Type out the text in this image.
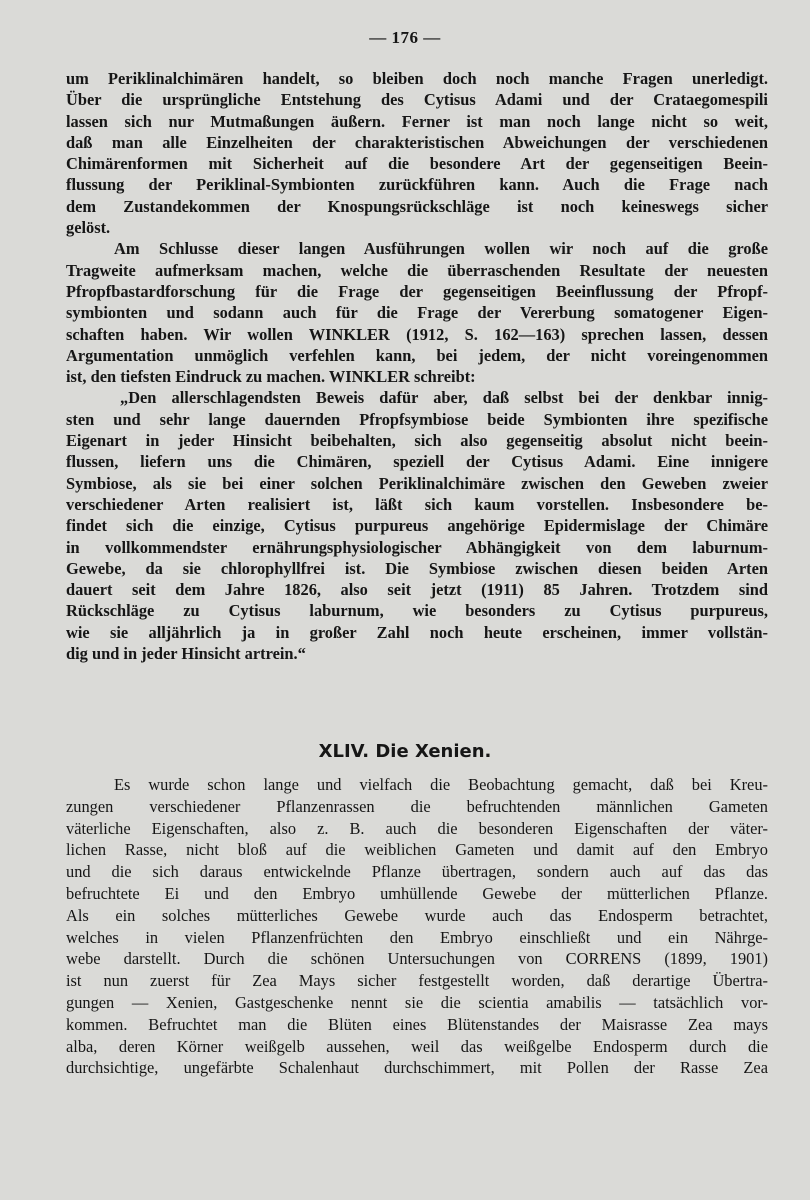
— 176 —
um Periklinalchimären handelt, so bleiben doch noch manche Fragen unerledigt.
Über die ursprüngliche Entstehung des Cytisus Adami und der Crataegomespili
lassen sich nur Mutmaßungen äußern. Ferner ist man noch lange nicht so weit,
daß man alle Einzelheiten der charakteristischen Abweichungen der verschiedenen
Chimärenformen mit Sicherheit auf die besondere Art der gegenseitigen Beein-
flussung der Periklinal-Symbionten zurückführen kann. Auch die Frage nach
dem Zustandekommen der Knospungsrückschläge ist noch keineswegs sicher
gelöst.
Am Schlusse dieser langen Ausführungen wollen wir noch auf die große
Tragweite aufmerksam machen, welche die überraschenden Resultate der neuesten
Pfropfbastardforschung für die Frage der gegenseitigen Beeinflussung der Pfropf-
symbionten und sodann auch für die Frage der Vererbung somatogener Eigen-
schaften haben. Wir wollen WINKLER (1912, S. 162—163) sprechen lassen, dessen
Argumentation unmöglich verfehlen kann, bei jedem, der nicht voreingenommen
ist, den tiefsten Eindruck zu machen. WINKLER schreibt:
„Den allerschlagendsten Beweis dafür aber, daß selbst bei der denkbar innig-
sten und sehr lange dauernden Pfropfsymbiose beide Symbionten ihre spezifische
Eigenart in jeder Hinsicht beibehalten, sich also gegenseitig absolut nicht beein-
flussen, liefern uns die Chimären, speziell der Cytisus Adami. Eine innigere
Symbiose, als sie bei einer solchen Periklinalchimäre zwischen den Geweben zweier
verschiedener Arten realisiert ist, läßt sich kaum vorstellen. Insbesondere be-
findet sich die einzige, Cytisus purpureus angehörige Epidermislage der Chimäre
in vollkommendster ernährungsphysiologischer Abhängigkeit von dem laburnum-
Gewebe, da sie chlorophyllfrei ist. Die Symbiose zwischen diesen beiden Arten
dauert seit dem Jahre 1826, also seit jetzt (1911) 85 Jahren. Trotzdem sind
Rückschläge zu Cytisus laburnum, wie besonders zu Cytisus purpureus,
wie sie alljährlich ja in großer Zahl noch heute erscheinen, immer vollstän-
dig und in jeder Hinsicht artrein.“
XLIV. Die Xenien.
Es wurde schon lange und vielfach die Beobachtung gemacht, daß bei Kreu-
zungen verschiedener Pflanzenrassen die befruchtenden männlichen Gameten
väterliche Eigenschaften, also z. B. auch die besonderen Eigenschaften der väter-
lichen Rasse, nicht bloß auf die weiblichen Gameten und damit auf den Embryo
und die sich daraus entwickelnde Pflanze übertragen, sondern auch auf das das
befruchtete Ei und den Embryo umhüllende Gewebe der mütterlichen Pflanze.
Als ein solches mütterliches Gewebe wurde auch das Endosperm betrachtet,
welches in vielen Pflanzenfrüchten den Embryo einschließt und ein Nährge-
webe darstellt. Durch die schönen Untersuchungen von CORRENS (1899, 1901)
ist nun zuerst für Zea Mays sicher festgestellt worden, daß derartige Übertra-
gungen — Xenien, Gastgeschenke nennt sie die scientia amabilis — tatsächlich vor-
kommen. Befruchtet man die Blüten eines Blütenstandes der Maisrasse Zea mays
alba, deren Körner weißgelb aussehen, weil das weißgelbe Endosperm durch die
durchsichtige, ungefärbte Schalenhaut durchschimmert, mit Pollen der Rasse Zea
